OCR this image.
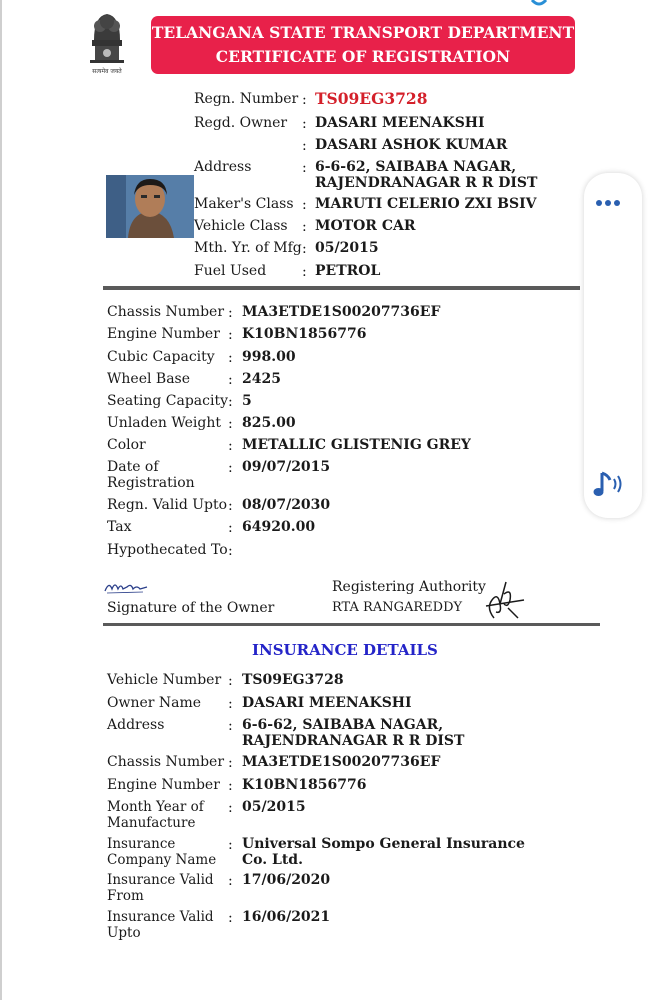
सत्यमेव जयते
TELANGANA STATE TRANSPORT DEPARTMENT
CERTIFICATE OF REGISTRATION
Regn. Number : TS09EG3728
Regd. Owner : DASARI MEENAKSHI
: DASARI ASHOK KUMAR
Address	: 6-6-62, SAIBABA NAGAR,
RAJENDRANAGAR R R DIST
Maker's Class : MARUTI CELERIO ZXI BSIV
Vehicle Class : MOTOR CAR
Mth. Yr. of Mfg : 05/2015
Fuel Used	: PETROL
Chassis Number : MA3ETDE1S00207736EF
Engine Number : K10BN1856776
Cubic Capacity : 998.00
Wheel Base	: 2425
Seating Capacity : 5
Unladen Weight : 825.00
Color	: METALLIC GLISTENIG GREY
Date of
Registration
: 09/07/2015
Regn. Valid Upto : 08/07/2030
Tax	: 64920.00
Hypothecated To :
Signature of the Owner
Registering Authority
RTA RANGAREDDY
INSURANCE DETAILS
Vehicle Number : TS09EG3728
Owner Name : DASARI MEENAKSHI
Address	: 6-6-62, SAIBABA NAGAR,
RAJENDRANAGAR R R DIST
Chassis Number : MA3ETDE1S00207736EF
Engine Number : K10BN1856776
Month Year of
Manufacture
: 05/2015
Insurance
Company Name
: Universal Sompo General Insurance
Co. Ltd.
Insurance Valid
From
: 17/06/2020
Insurance Valid
Upto
: 16/06/2021
